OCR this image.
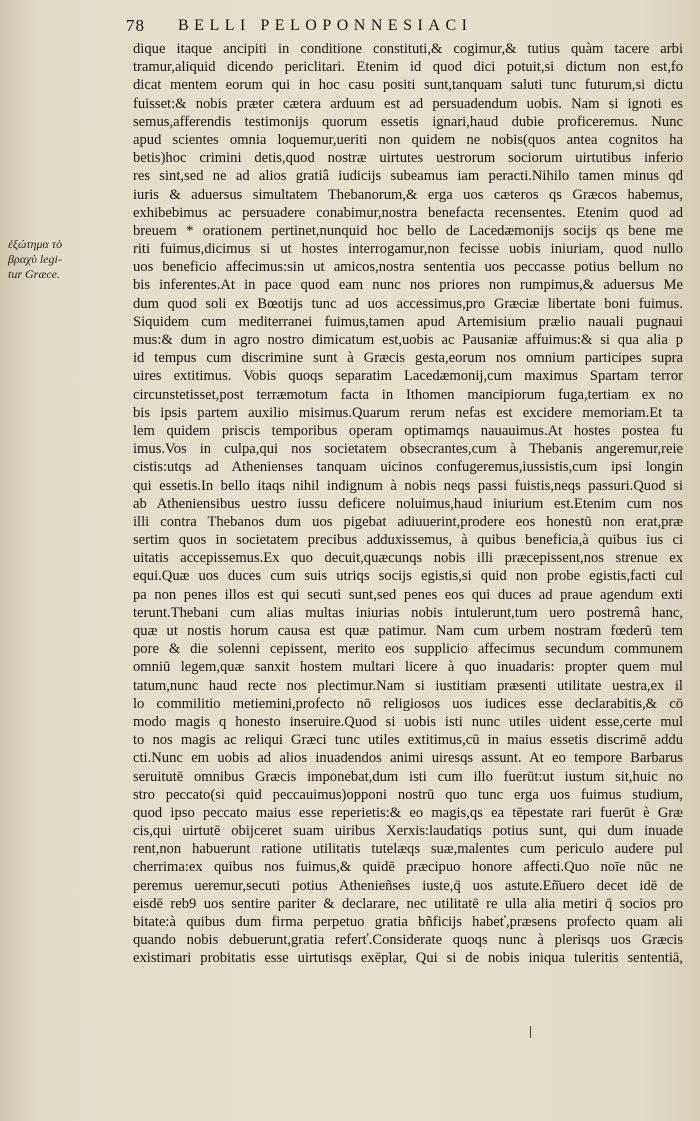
78 BELLI PELOPONNESIACI
ἐξώτημα τὸ
βραχὺ legi-
tur Græce.
dique itaque ancipiti in conditione constituti,& cogimur,& tutius quàm tacere arbi
tramur,aliquid dicendo periclitari. Etenim id quod dici potuit,si dictum non est,fo
dicat mentem eorum qui in hoc casu positi sunt,tanquam saluti tunc futurum,si dictu
fuisset:& nobis præter cætera arduum est ad persuadendum uobis. Nam si ignoti es
semus,afferendis testimonijs quorum essetis ignari,haud dubie proficeremus. Nunc
apud scientes omnia loquemur,ueriti non quidem ne nobis(quos antea cognitos ha
betis)hoc crimini detis,quod nostræ uirtutes uestrorum sociorum uirtutibus inferio
res sint,sed ne ad alios gratiâ iudicijs subeamus iam peracti.Nihilo tamen minus qd
iuris & aduersus simultatem Thebanorum,& erga uos cæteros qs Græcos habemus,
exhibebimus ac persuadere conabimur,nostra benefacta recensentes. Etenim quod ad
breuem * orationem pertinet,nunquid hoc bello de Lacedæmonijs socijs qs bene me
riti fuimus,dicimus si ut hostes interrogamur,non fecisse uobis iniuriam, quod nullo
uos beneficio affecimus:sin ut amicos,nostra sententia uos peccasse potius bellum no
bis inferentes.At in pace quod eam nunc nos priores non rumpimus,& aduersus Me
dum quod soli ex Bœotijs tunc ad uos accessimus,pro Græciæ libertate boni fuimus.
Siquidem cum mediterranei fuimus,tamen apud Artemisium prælio nauali pugnaui
mus:& dum in agro nostro dimicatum est,uobis ac Pausaniæ affuimus:& si qua alia p
id tempus cum discrimine sunt à Græcis gesta,eorum nos omnium participes supra
uires extitimus. Vobis quoqs separatim Lacedæmonij,cum maximus Spartam terror
circunstetisset,post terræmotum facta in Ithomen mancipiorum fuga,tertiam ex no
bis ipsis partem auxilio misimus.Quarum rerum nefas est excidere memoriam.Et ta
lem quidem priscis temporibus operam optimamqs nauauimus.At hostes postea fu
imus.Vos in culpa,qui nos societatem obsecrantes,cum à Thebanis angeremur,reie
cistis:utqs ad Athenienses tanquam uicinos confugeremus,iussistis,cum ipsi longin
qui essetis.In bello itaqs nihil indignum à nobis neqs passi fuistis,neqs passuri.Quod si
ab Atheniensibus uestro iussu deficere noluimus,haud iniurium est.Etenim cum nos
illi contra Thebanos dum uos pigebat adiuuerint,prodere eos honestū non erat,præ
sertim quos in societatem precibus adduxissemus, à quibus beneficia,à quibus ius ci
uitatis accepissemus.Ex quo decuit,quæcunqs nobis illi præcepissent,nos strenue ex
equi.Quæ uos duces cum suis utriqs socijs egistis,si quid non probe egistis,facti cul
pa non penes illos est qui secuti sunt,sed penes eos qui duces ad praue agendum exti
terunt.Thebani cum alias multas iniurias nobis intulerunt,tum uero postremâ hanc,
quæ ut nostis horum causa est quæ patimur. Nam cum urbem nostram fœderū tem
pore & die solenni cepissent, merito eos supplicio affecimus secundum communem
omniū legem,quæ sanxit hostem multari licere à quo inuadaris: propter quem mul
tatum,nunc haud recte nos plectimur.Nam si iustitiam præsenti utilitate uestra,ex il
lo commilitio metiemini,profecto nō religiosos uos iudices esse declarabitis,& cō
modo magis q honesto inseruire.Quod si uobis isti nunc utiles uident esse,certe mul
to nos magis ac reliqui Græci tunc utiles extitimus,cū in maius essetis discrimē addu
cti.Nunc em uobis ad alios inuadendos animi uiresqs assunt. At eo tempore Barbarus
seruitutē omnibus Græcis imponebat,dum isti cum illo fuerūt:ut iustum sit,huic no
stro peccato(si quid peccauimus)opponi nostrū quo tunc erga uos fuimus studium,
quod ipso peccato maius esse reperietis:& eo magis,qs ea tēpestate rari fuerūt è Græ
cis,qui uirtutē obijceret suam uiribus Xerxis:laudatiqs potius sunt, qui dum inuade
rent,non habuerunt ratione utilitatis tutelæqs suæ,malentes cum periculo audere pul
cherrima:ex quibus nos fuimus,& quidē præcipuo honore affecti.Quo noīe nūc ne
peremus ueremur,secuti potius Athenieñses iuste,q̄ uos astute.Eñ̄uero decet idē de
eisdē reb9 uos sentire pariter & declarare, nec utilitatē re ulla alia metiri q̄ socios pro
bitate:à quibus dum firma perpetuo gratia bñficijs habeť,præsens profecto quam ali
quando nobis debuerunt,gratia referť.Considerate quoqs nunc à plerisqs uos Græcis
existimari probitatis esse uirtutisqs exēplar, Qui si de nobis iniqua tuleritis sententiā,
